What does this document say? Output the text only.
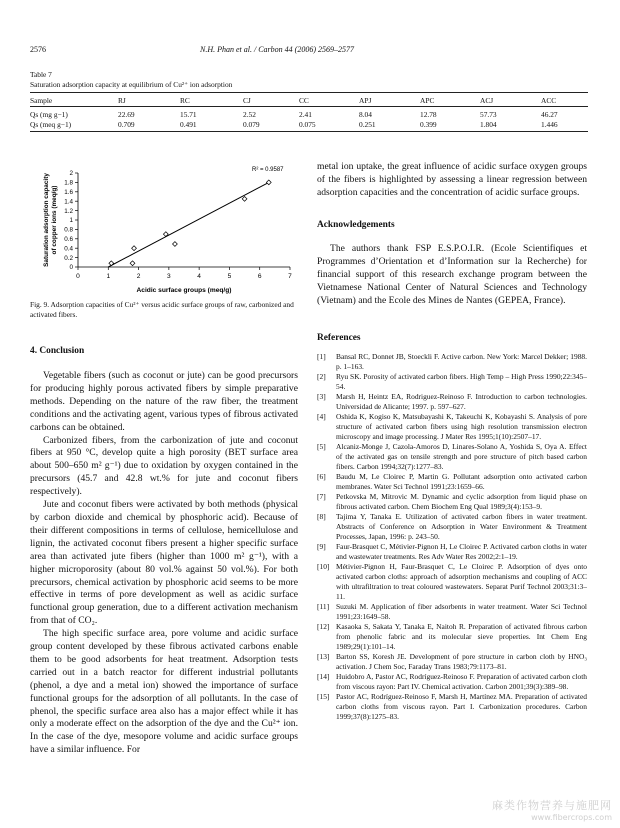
2576	N.H. Phan et al. / Carbon 44 (2006) 2569–2577
Table 7
Saturation adsorption capacity at equilibrium of Cu²⁺ ion adsorption
Sample	RJ	RC	CJ	CC	APJ	APC	ACJ	ACC
Qs (mg g−1)	22.69	15.71	2.52	2.41	8.04	12.78	57.73	46.27
Qs (meq g−1)	0.709	0.491	0.079	0.075	0.251	0.399	1.804	1.446
0	1	2	3	4	5	6	7
0
0.2
0.4
0.6
0.8
1
1.2
1.4
1.6
1.8
2
R² = 0.9587
Acidic surface groups (meq/g)
Saturation adsorption capacityof copper ions (meq/g)
Fig. 9. Adsorption capacities of Cu²⁺ versus acidic surface groups of raw, carbonized and activated fibers.
4. Conclusion

Vegetable fibers (such as coconut or jute) can be good precursors for producing highly porous activated fibers by simple preparative methods. Depending on the nature of the raw fiber, the treatment conditions and the activating agent, various types of fibrous activated carbons can be obtained.

Carbonized fibers, from the carbonization of jute and coconut fibers at 950 °C, develop quite a high porosity (BET surface area about 500–650 m² g⁻¹) due to oxidation by oxygen contained in the precursors (45.7 and 42.8 wt.% for jute and coconut fibers respectively).

Jute and coconut fibers were activated by both methods (physical by carbon dioxide and chemical by phosphoric acid). Because of their different compositions in terms of cellulose, hemicellulose and lignin, the activated coconut fibers present a higher specific surface area than activated jute fibers (higher than 1000 m² g⁻¹), with a higher microporosity (about 80 vol.% against 50 vol.%). For both precursors, chemical activation by phosphoric acid seems to be more effective in terms of pore development as well as acidic surface functional group generation, due to a different activation mechanism from that of CO₂.

The high specific surface area, pore volume and acidic surface group content developed by these fibrous activated carbons enable them to be good adsorbents for heat treatment. Adsorption tests carried out in a batch reactor for different industrial pollutants (phenol, a dye and a metal ion) showed the importance of surface functional groups for the adsorption of all pollutants. In the case of phenol, the specific surface area also has a major effect while it has only a moderate effect on the adsorption of the dye and the Cu²⁺ ion. In the case of the dye, mesopore volume and acidic surface groups have a similar influence. For

metal ion uptake, the great influence of acidic surface oxygen groups of the fibers is highlighted by assessing a linear regression between adsorption capacities and the concentration of acidic surface groups.
Acknowledgements

The authors thank FSP E.S.P.O.I.R. (Ecole Scientifiques et Programmes d’Orientation et d’Information sur la Recherche) for financial support of this research exchange program between the Vietnamese National Center of Natural Sciences and Technology (Vietnam) and the Ecole des Mines de Nantes (GEPEA, France).

References
[1] Bansal RC, Donnet JB, Stoeckli F. Active carbon. New York: Marcel Dekker; 1988. p. 1–163.
[2] Ryu SK. Porosity of activated carbon fibers. High Temp – High Press 1990;22:345–54.
[3] Marsh H, Heintz EA, Rodriguez-Reinoso F. Introduction to carbon technologies. Universidad de Alicante; 1997. p. 597–627.
[4] Oshida K, Kogiso K, Matsubayashi K, Takeuchi K, Kobayashi S. Analysis of pore structure of activated carbon fibers using high resolution transmission electron microscopy and image processing. J Mater Res 1995;1(10):2507–17.
[5] Alcaniz-Monge J, Cazola-Amoros D, Linares-Solano A, Yoshida S, Oya A. Effect of the activated gas on tensile strength and pore structure of pitch based carbon fibers. Carbon 1994;32(7):1277–83.
[6] Baudu M, Le Cloirec P, Martin G. Pollutant adsorption onto activated carbon membranes. Water Sci Technol 1991;23:1659–66.
[7] Petkovska M, Mitrovic M. Dynamic and cyclic adsorption from liquid phase on fibrous activated carbon. Chem Biochem Eng Qual 1989;3(4):153–9.
[8] Tajima Y, Tanaka E. Utilization of activated carbon fibers in water treatment. Abstracts of Conference on Adsorption in Water Environment & Treatment Processes, Japan, 1996: p. 243–50.
[9] Faur-Brasquet C, Métivier-Pignon H, Le Cloirec P. Activated carbon cloths in water and wastewater treatments. Res Adv Water Res 2002;2:1–19.
[10] Métivier-Pignon H, Faur-Brasquet C, Le Cloirec P. Adsorption of dyes onto activated carbon cloths: approach of adsorption mechanisms and coupling of ACC with ultrafiltration to treat coloured wastewaters. Separat Purif Technol 2003;31:3–11.
[11] Suzuki M. Application of fiber adsorbents in water treatment. Water Sci Technol 1991;23:1649–58.
[12] Kasaoka S, Sakata Y, Tanaka E, Naitoh R. Preparation of activated fibrous carbon from phenolic fabric and its molecular sieve properties. Int Chem Eng 1989;29(1):101–14.
[13] Barton SS, Koresh JE. Development of pore structure in carbon cloth by HNO₃ activation. J Chem Soc, Faraday Trans 1983;79:1173–81.
[14] Huidobro A, Pastor AC, Rodríguez-Reinoso F. Preparation of activated carbon cloth from viscous rayon: Part IV. Chemical activation. Carbon 2001;39(3):389–98.
[15] Pastor AC, Rodríguez-Reinoso F, Marsh H, Martínez MA. Preparation of activated carbon cloths from viscous rayon. Part I. Carbonization procedures. Carbon 1999;37(8):1275–83.
麻类作物营养与施肥网
www.fibercrops.com
